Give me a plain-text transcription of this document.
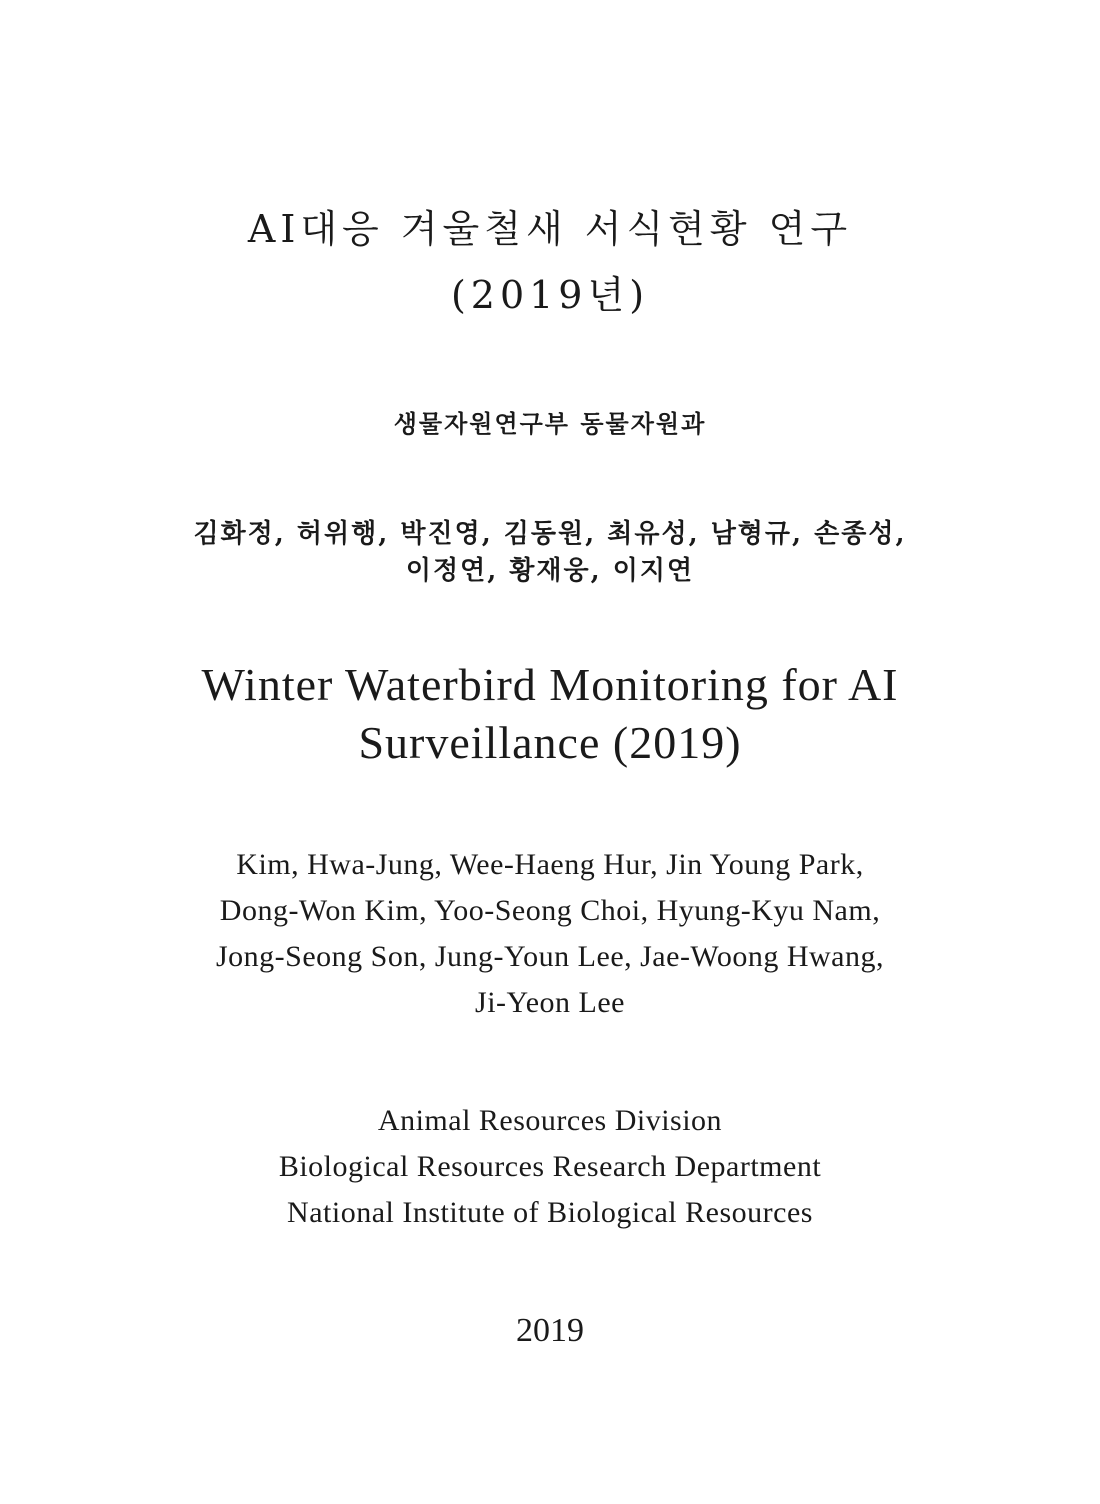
AI대응 겨울철새 서식현황 연구
(2019년)
생물자원연구부 동물자원과
김화정, 허위행, 박진영, 김동원, 최유성, 남형규, 손종성,
이정연, 황재웅, 이지연
Winter Waterbird Monitoring for AI
Surveillance (2019)
Kim, Hwa-Jung, Wee-Haeng Hur, Jin Young Park,
Dong-Won Kim, Yoo-Seong Choi, Hyung-Kyu Nam,
Jong-Seong Son, Jung-Youn Lee, Jae-Woong Hwang,
Ji-Yeon Lee
Animal Resources Division
Biological Resources Research Department
National Institute of Biological Resources
2019
